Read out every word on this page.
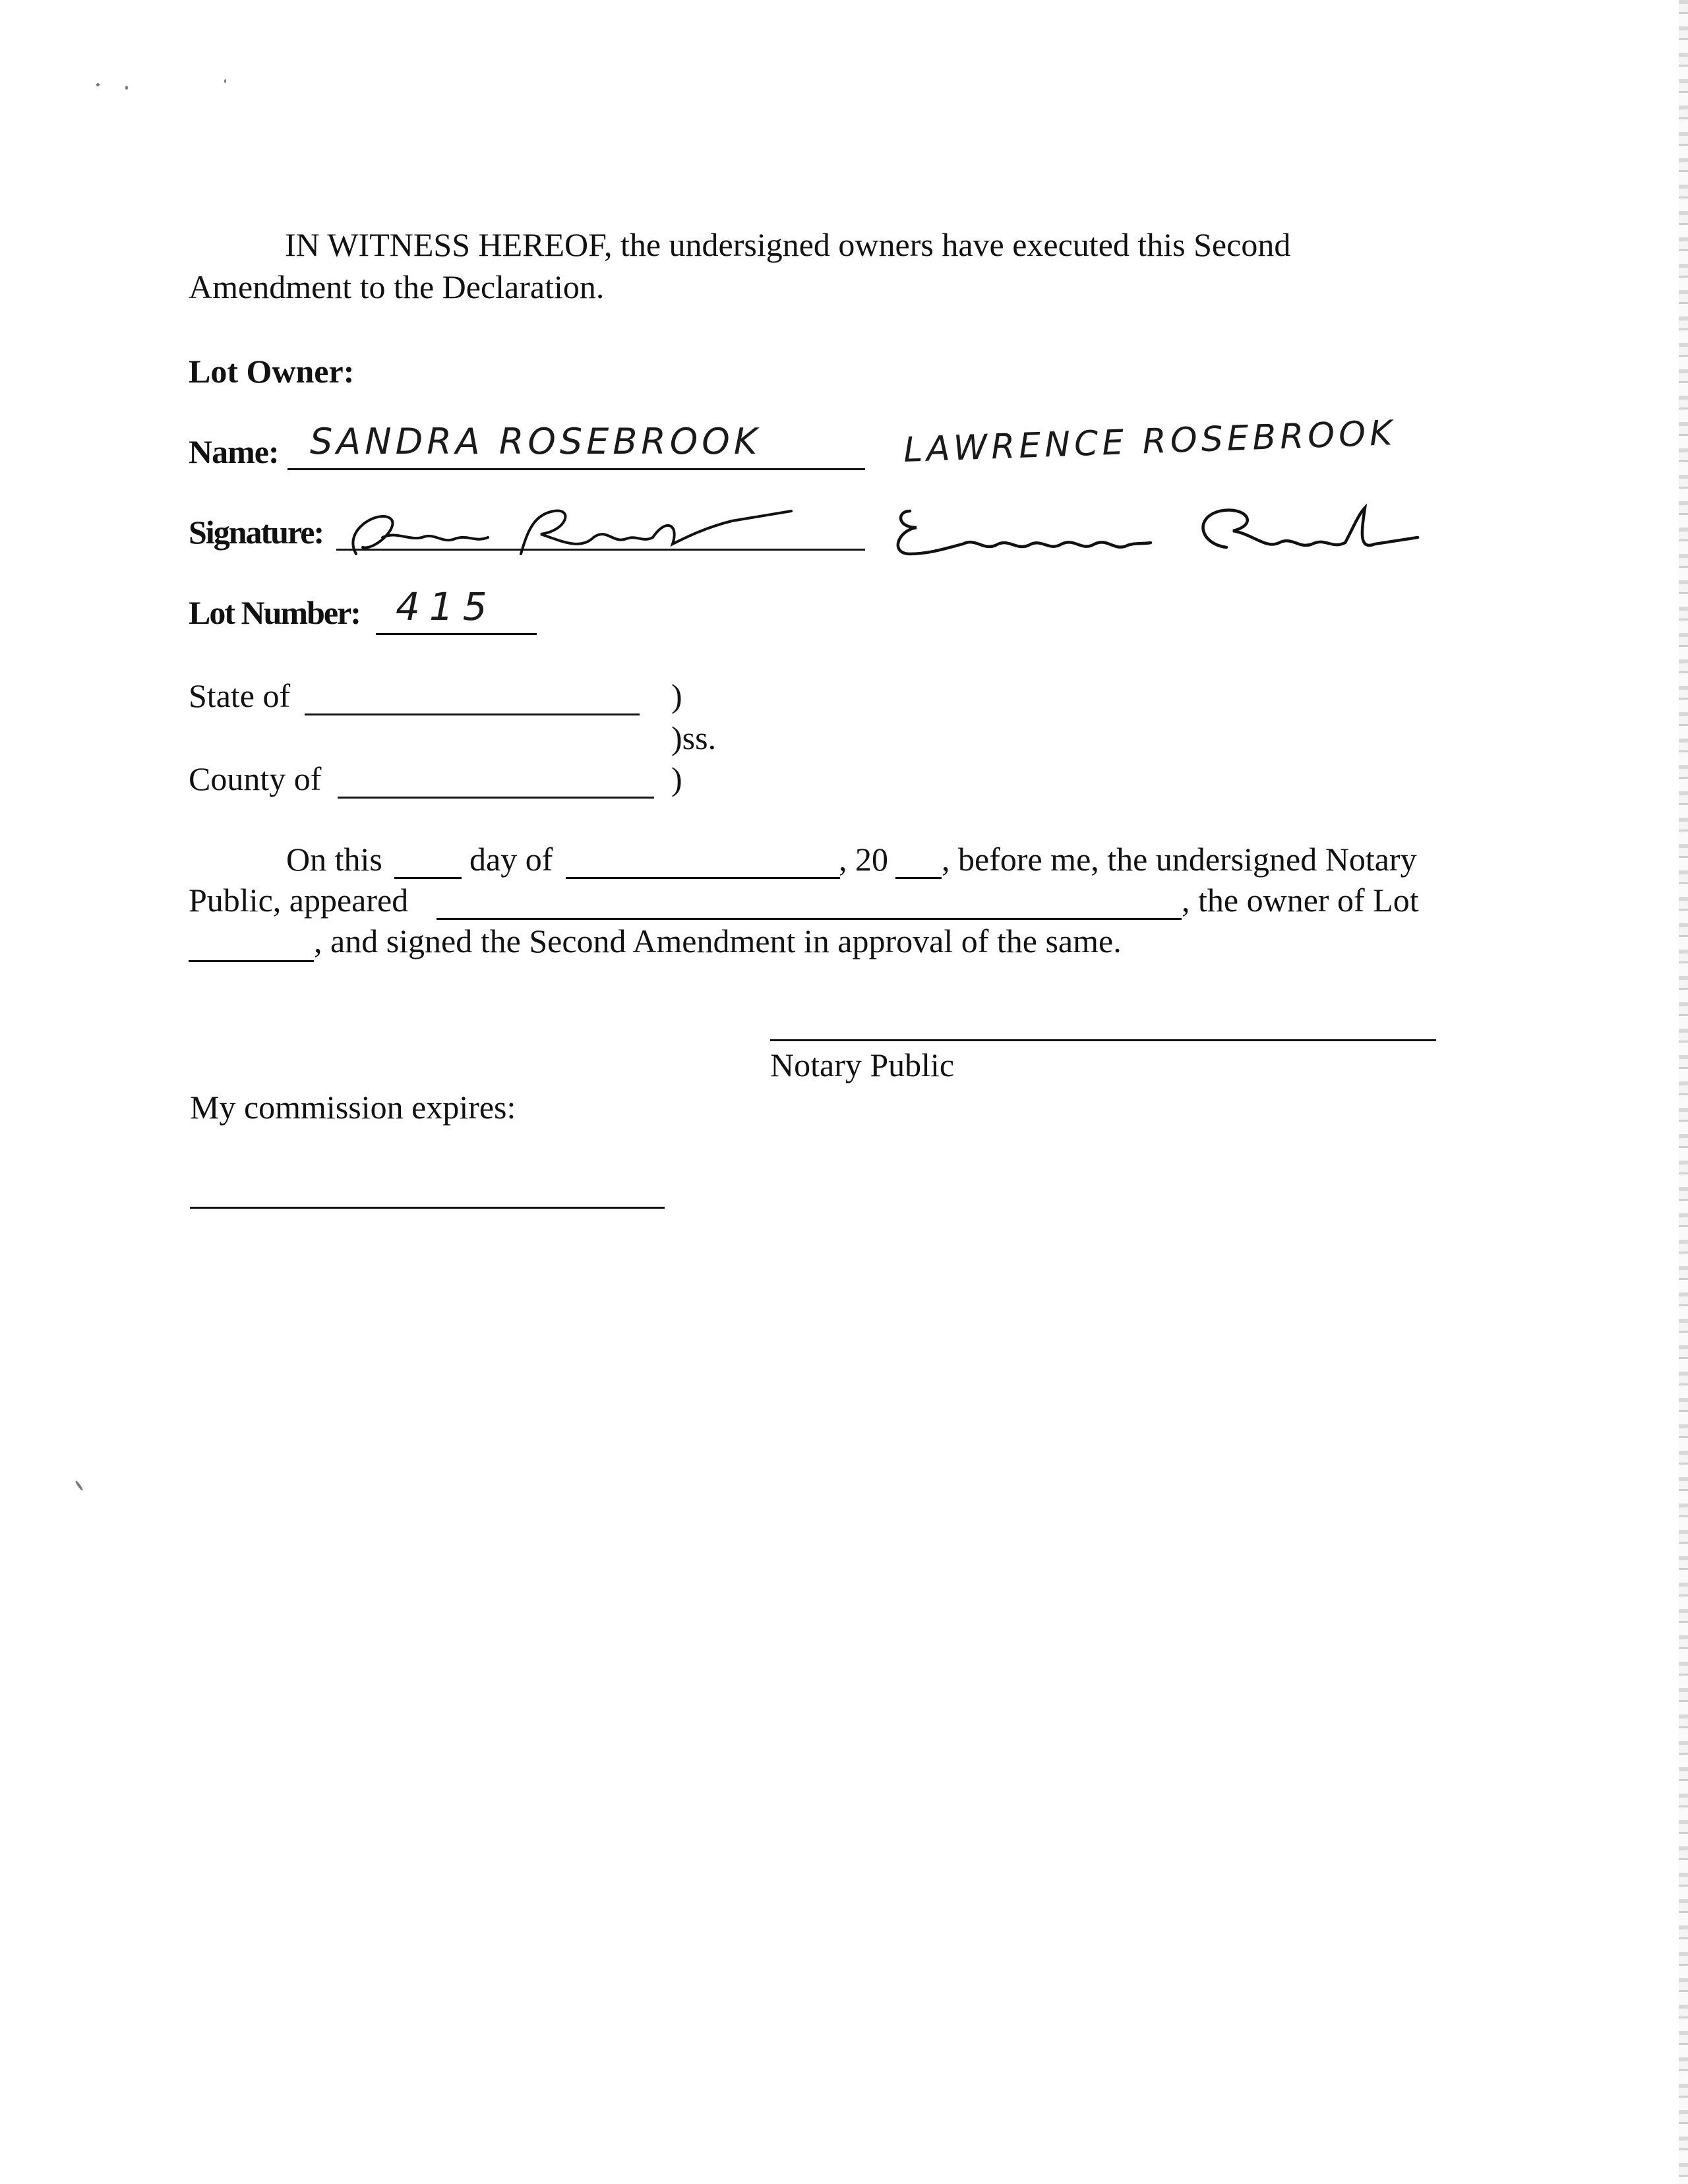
IN WITNESS HEREOF, the undersigned owners have executed this Second
Amendment to the Declaration.
Lot Owner:
Name: SANDRA ROSEBROOK	LAWRENCE ROSEBROOK
Signature:
Lot Number: 415
State of	)
)ss.
County of	)
On this	day of	, 20 , before me, the undersigned Notary
Public, appeared	, the owner of Lot
, and signed the Second Amendment in approval of the same.
Notary Public
My commission expires:
